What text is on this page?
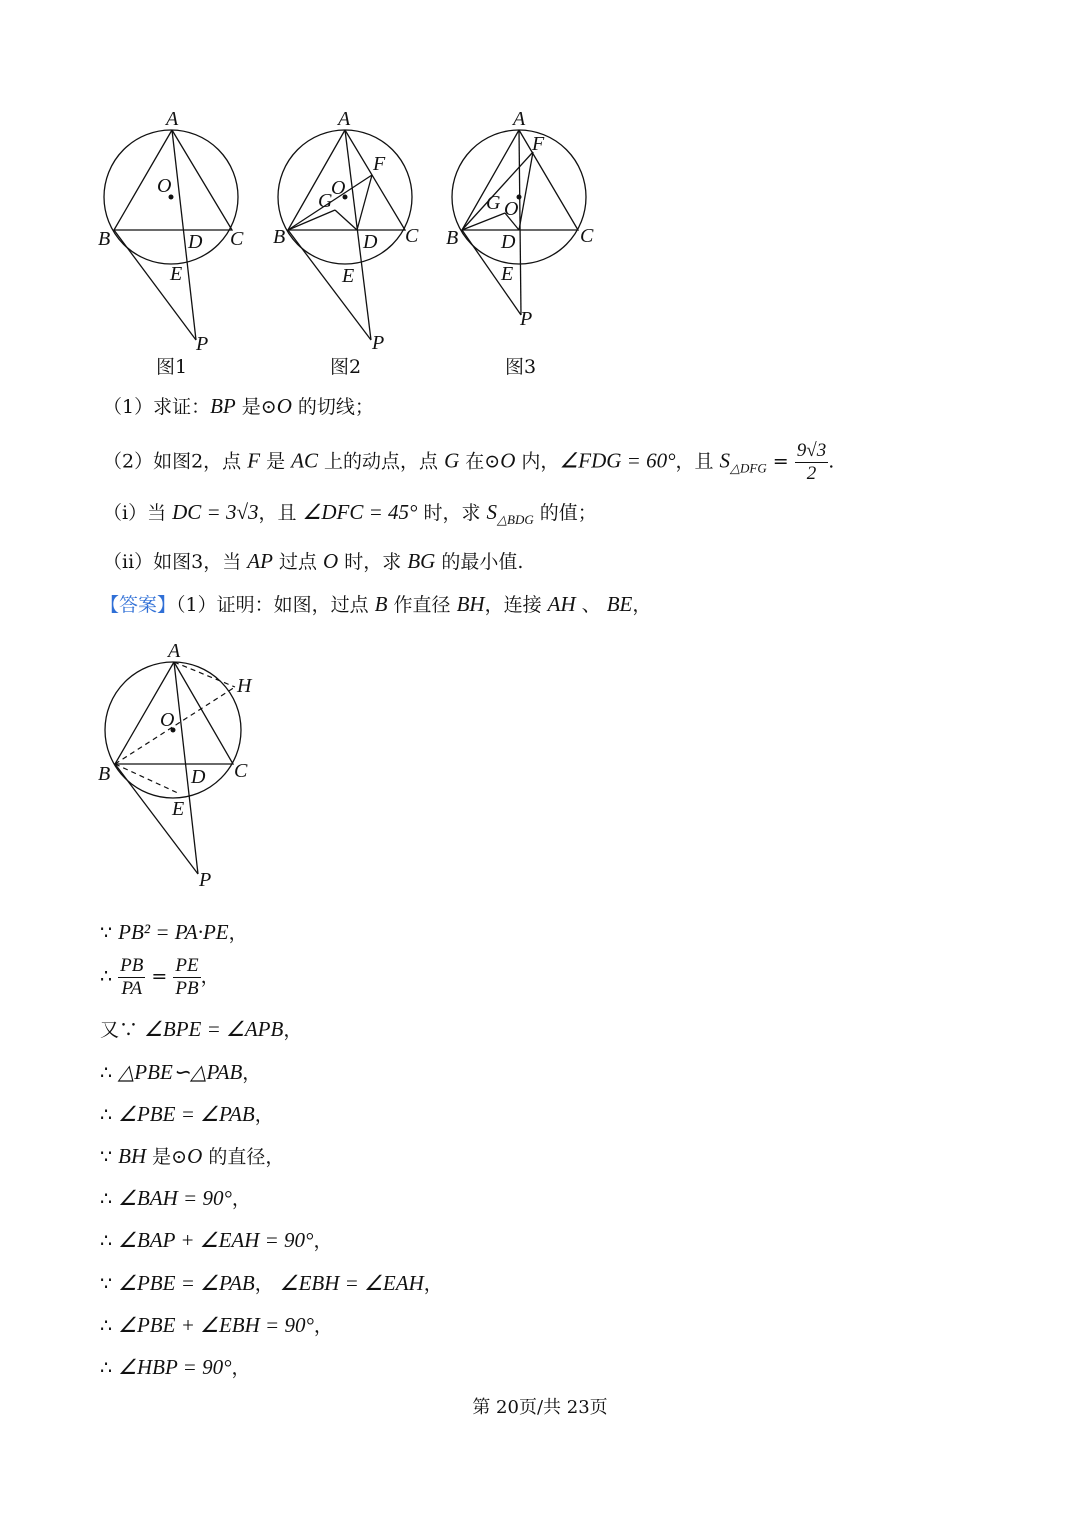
A
O
B	D C
E
P
图1
A
F
O
G
B	D C
E
P
图2
A
F
G O
B D	C
E
P
图3
（1）求证：BP 是⊙O 的切线；
（2）如图2，点 F 是 AC 上的动点，点 G 在⊙O 内，∠FDG = 60°，且 $S_{\triangle DFG} = \frac{9√3}{2}$ .
（i）当 DC = 3√3，且 ∠DFC = 45° 时，求 $S_{\triangle BDG}$ 的值；
（ii）如图3，当 AP 过点 O 时，求 BG 的最小值.
【答案】（1）证明：如图，过点 B 作直径 BH，连接 AH 、 BE，
A
H
O
B	D C
E
P
∵ PB² = PA·PE，
∴ $\frac{PB}{PA} = \frac{PE}{PB}$ ，
又∵ ∠BPE = ∠APB，
∴ △PBE∽△PAB，
∴ ∠PBE = ∠PAB，
∵ BH 是⊙O 的直径，
∴ ∠BAH = 90°，
∴ ∠BAP + ∠EAH = 90°，
∵ ∠PBE = ∠PAB， ∠EBH = ∠EAH，
∴ ∠PBE + ∠EBH = 90°，
∴ ∠HBP = 90°，
第 20页/共 23页
